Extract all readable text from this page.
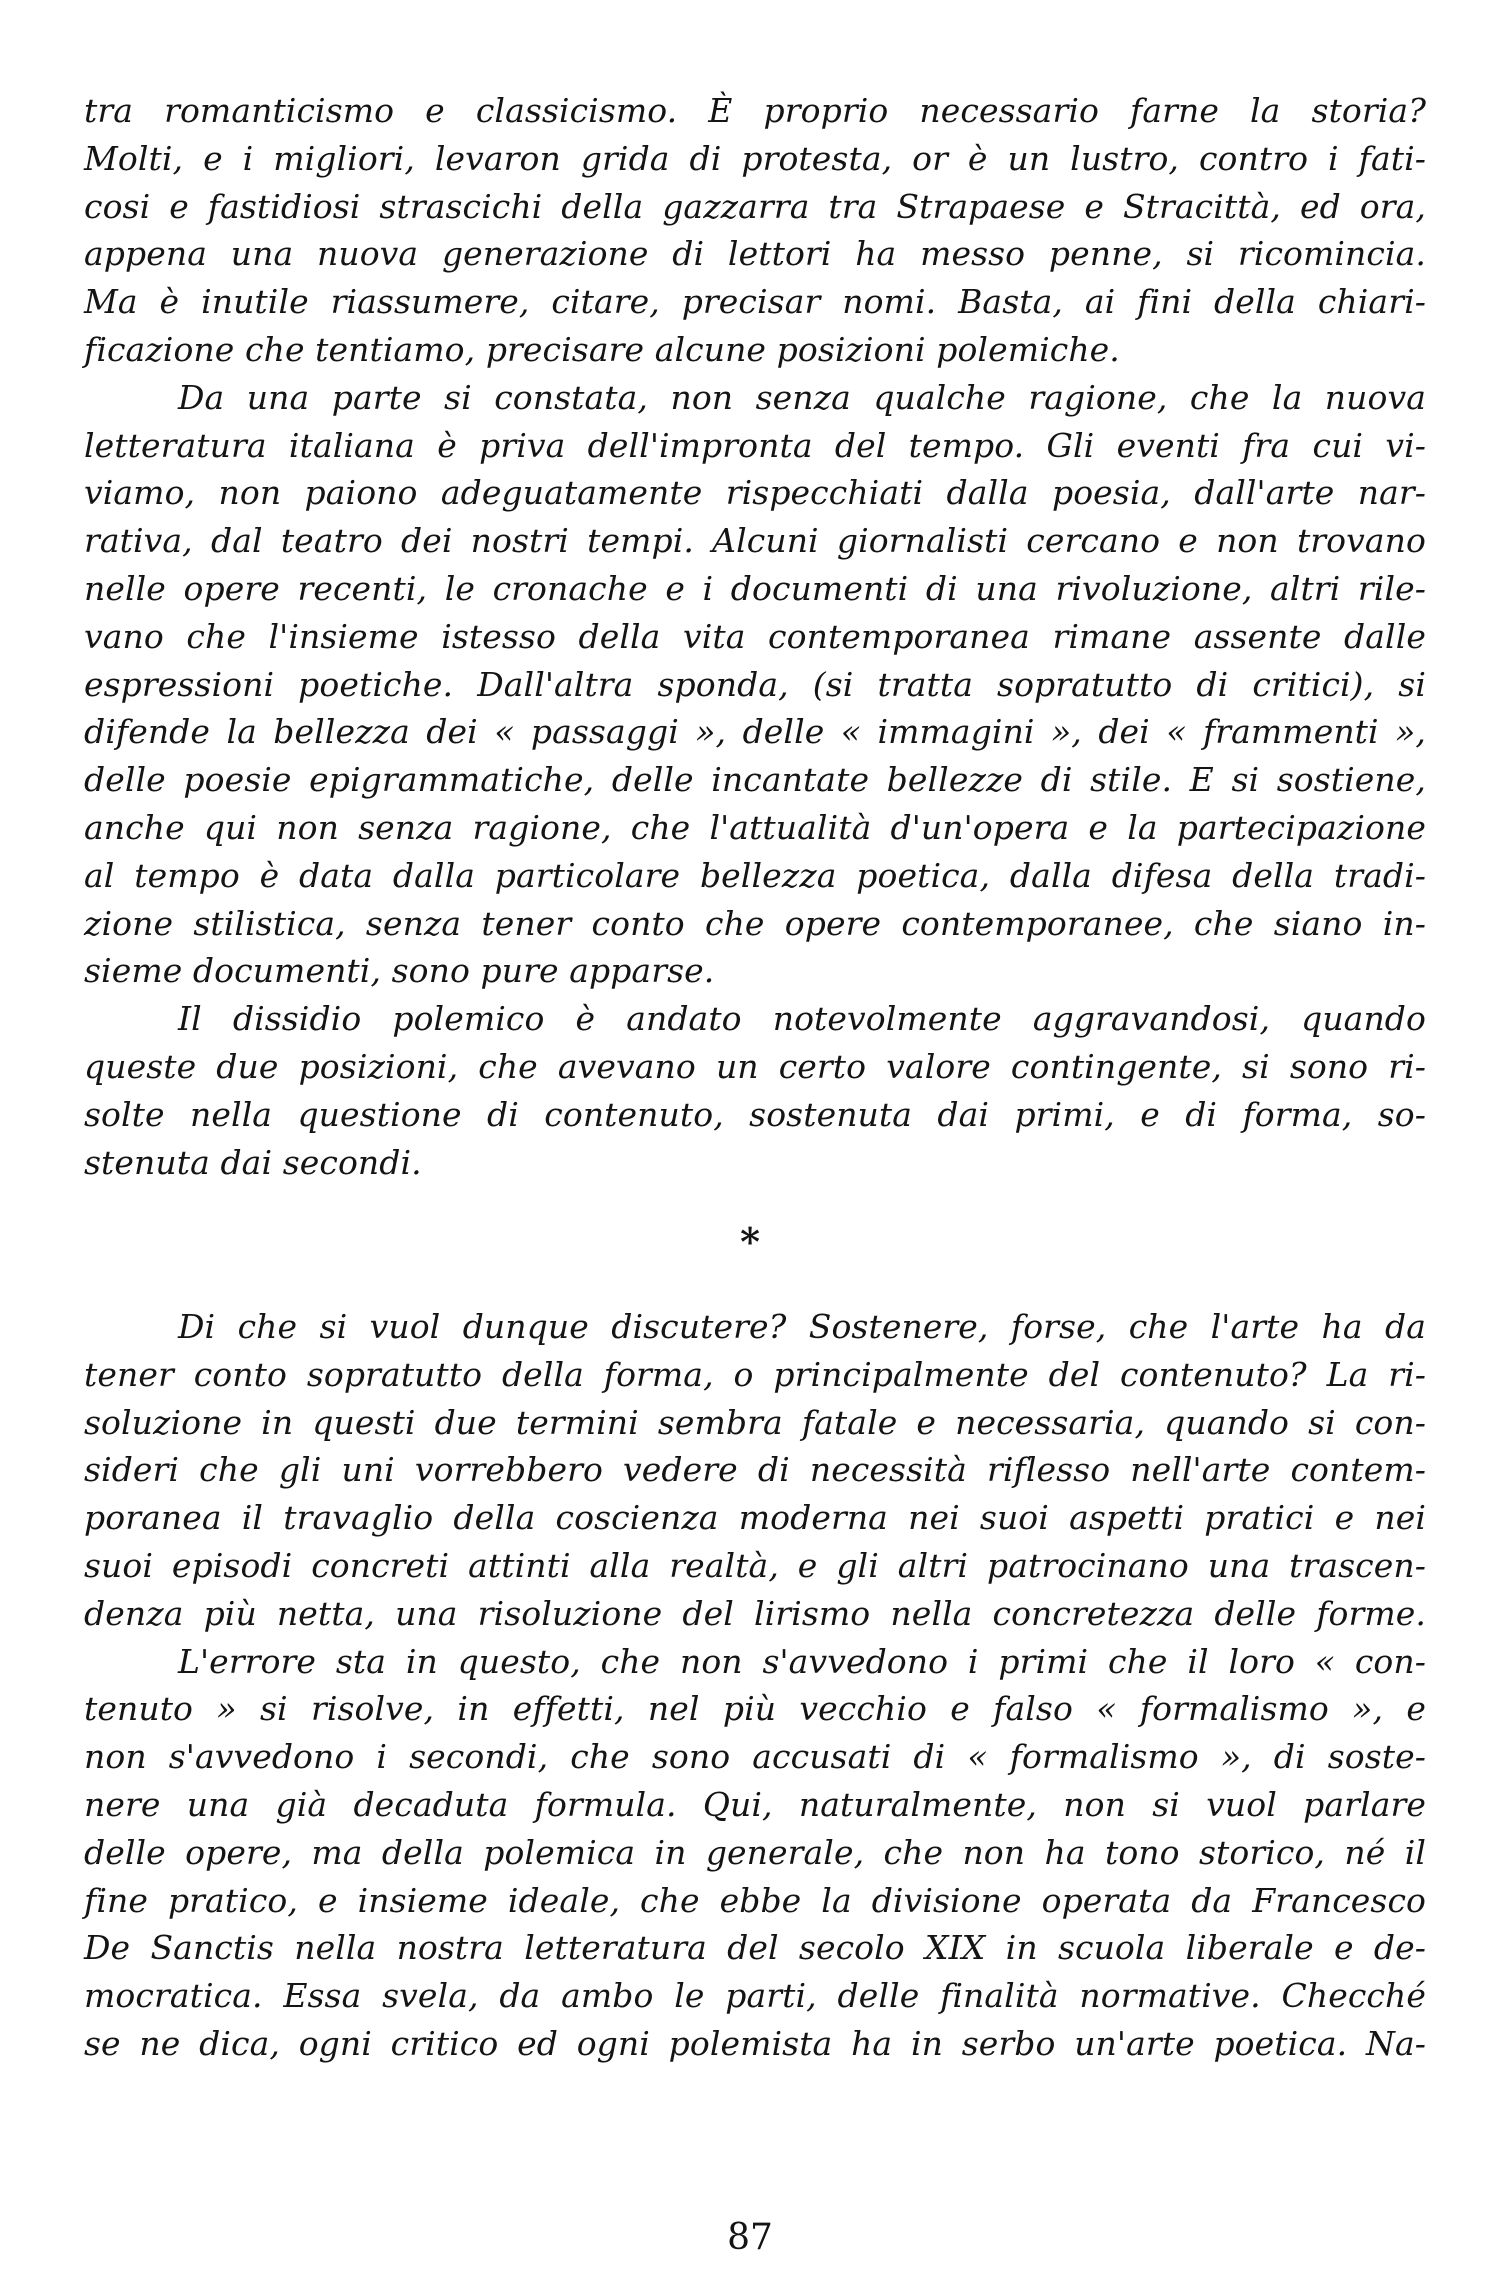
tra romanticismo e classicismo. È proprio necessario farne la storia?
Molti, e i migliori, levaron grida di protesta, or è un lustro, contro i fati-
cosi e fastidiosi strascichi della gazzarra tra Strapaese e Stracittà, ed ora,
appena una nuova generazione di lettori ha messo penne, si ricomincia.
Ma è inutile riassumere, citare, precisar nomi. Basta, ai fini della chiari-
ficazione che tentiamo, precisare alcune posizioni polemiche.
Da una parte si constata, non senza qualche ragione, che la nuova
letteratura italiana è priva dell'impronta del tempo. Gli eventi fra cui vi-
viamo, non paiono adeguatamente rispecchiati dalla poesia, dall'arte nar-
rativa, dal teatro dei nostri tempi. Alcuni giornalisti cercano e non trovano
nelle opere recenti, le cronache e i documenti di una rivoluzione, altri rile-
vano che l'insieme istesso della vita contemporanea rimane assente dalle
espressioni poetiche. Dall'altra sponda, (si tratta sopratutto di critici), si
difende la bellezza dei « passaggi », delle « immagini », dei « frammenti »,
delle poesie epigrammatiche, delle incantate bellezze di stile. E si sostiene,
anche qui non senza ragione, che l'attualità d'un'opera e la partecipazione
al tempo è data dalla particolare bellezza poetica, dalla difesa della tradi-
zione stilistica, senza tener conto che opere contemporanee, che siano in-
sieme documenti, sono pure apparse.
Il dissidio polemico è andato notevolmente aggravandosi, quando
queste due posizioni, che avevano un certo valore contingente, si sono ri-
solte nella questione di contenuto, sostenuta dai primi, e di forma, so-
stenuta dai secondi.
*
Di che si vuol dunque discutere? Sostenere, forse, che l'arte ha da
tener conto sopratutto della forma, o principalmente del contenuto? La ri-
soluzione in questi due termini sembra fatale e necessaria, quando si con-
sideri che gli uni vorrebbero vedere di necessità riflesso nell'arte contem-
poranea il travaglio della coscienza moderna nei suoi aspetti pratici e nei
suoi episodi concreti attinti alla realtà, e gli altri patrocinano una trascen-
denza più netta, una risoluzione del lirismo nella concretezza delle forme.
L'errore sta in questo, che non s'avvedono i primi che il loro « con-
tenuto » si risolve, in effetti, nel più vecchio e falso « formalismo », e
non s'avvedono i secondi, che sono accusati di « formalismo », di soste-
nere una già decaduta formula. Qui, naturalmente, non si vuol parlare
delle opere, ma della polemica in generale, che non ha tono storico, né il
fine pratico, e insieme ideale, che ebbe la divisione operata da Francesco
De Sanctis nella nostra letteratura del secolo XIX in scuola liberale e de-
mocratica. Essa svela, da ambo le parti, delle finalità normative. Checché
se ne dica, ogni critico ed ogni polemista ha in serbo un'arte poetica. Na-
87
